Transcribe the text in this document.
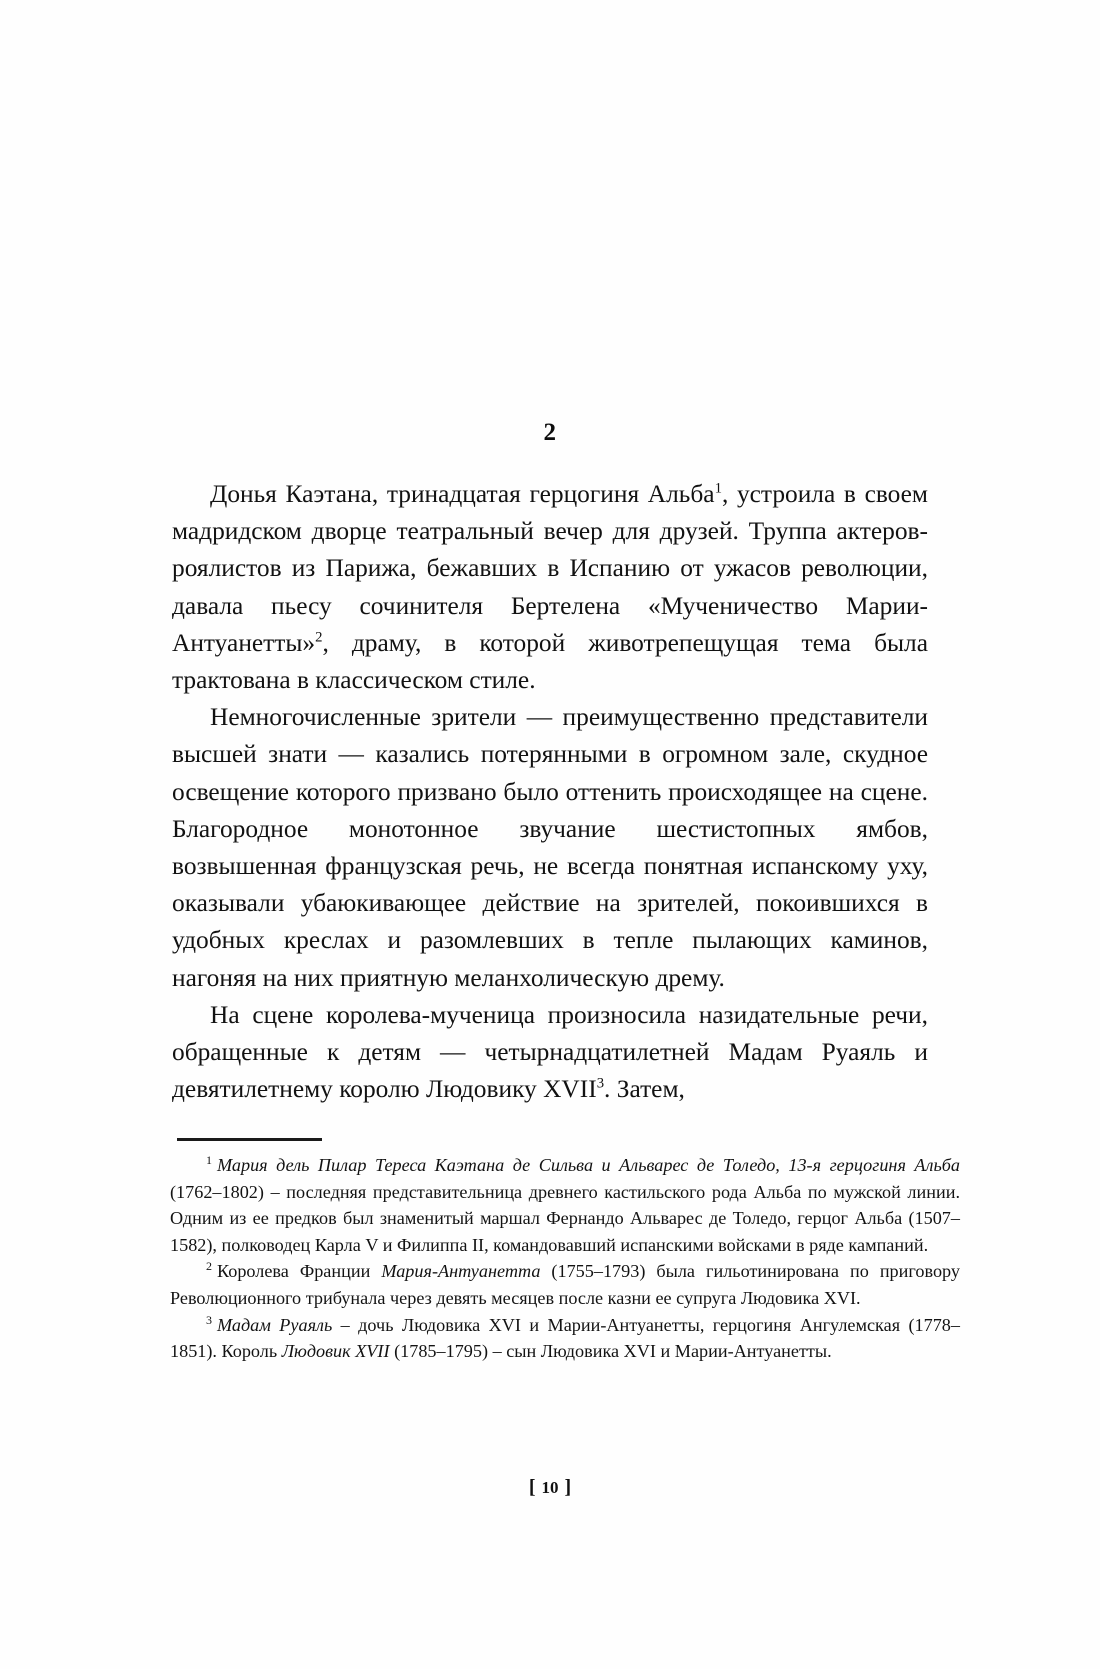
2

Донья Каэтана, тринадцатая герцогиня Альба$^1$, устроила в своем мадридском дворце театральный вечер для друзей. Труппа актеров-роялистов из Парижа, бежавших в Испанию от ужасов революции, давала пьесу сочинителя Бертелена «Мученичество Марии-Антуанетты»$^2$, драму, в которой животрепещущая тема была трактована в классическом стиле.

Немногочисленные зрители — преимущественно представители высшей знати — казались потерянными в огромном зале, скудное освещение которого призвано было оттенить происходящее на сцене. Благородное монотонное звучание шестистопных ямбов, возвышенная французская речь, не всегда понятная испанскому уху, оказывали убаюкивающее действие на зрителей, покоившихся в удобных креслах и разомлевших в тепле пылающих каминов, нагоняя на них приятную меланхолическую дрему.

На сцене королева-мученица произносила назидательные речи, обращенные к детям — четырнадцатилетней Мадам Руаяль и девятилетнему королю Людовику XVII$^3$. Затем,

$^1$ Мария дель Пилар Тереса Каэтана де Сильва и Альварес де Толедо, 13-я герцогиня Альба (1762–1802) – последняя представительница древнего кастильского рода Альба по мужской линии. Одним из ее предков был знаменитый маршал Фернандо Альварес де Толедо, герцог Альба (1507–1582), полководец Карла V и Филиппа II, командовавший испанскими войсками в ряде кампаний.

$^2$ Королева Франции Мария-Антуанетта (1755–1793) была гильотинирована по приговору Революционного трибунала через девять месяцев после казни ее супруга Людовика XVI.

$^3$ Мадам Руаяль – дочь Людовика XVI и Марии-Антуанетты, герцогиня Ангулемская (1778–1851). Король Людовик XVII (1785–1795) – сын Людовика XVI и Марии-Антуанетты.

[ 10 ]
